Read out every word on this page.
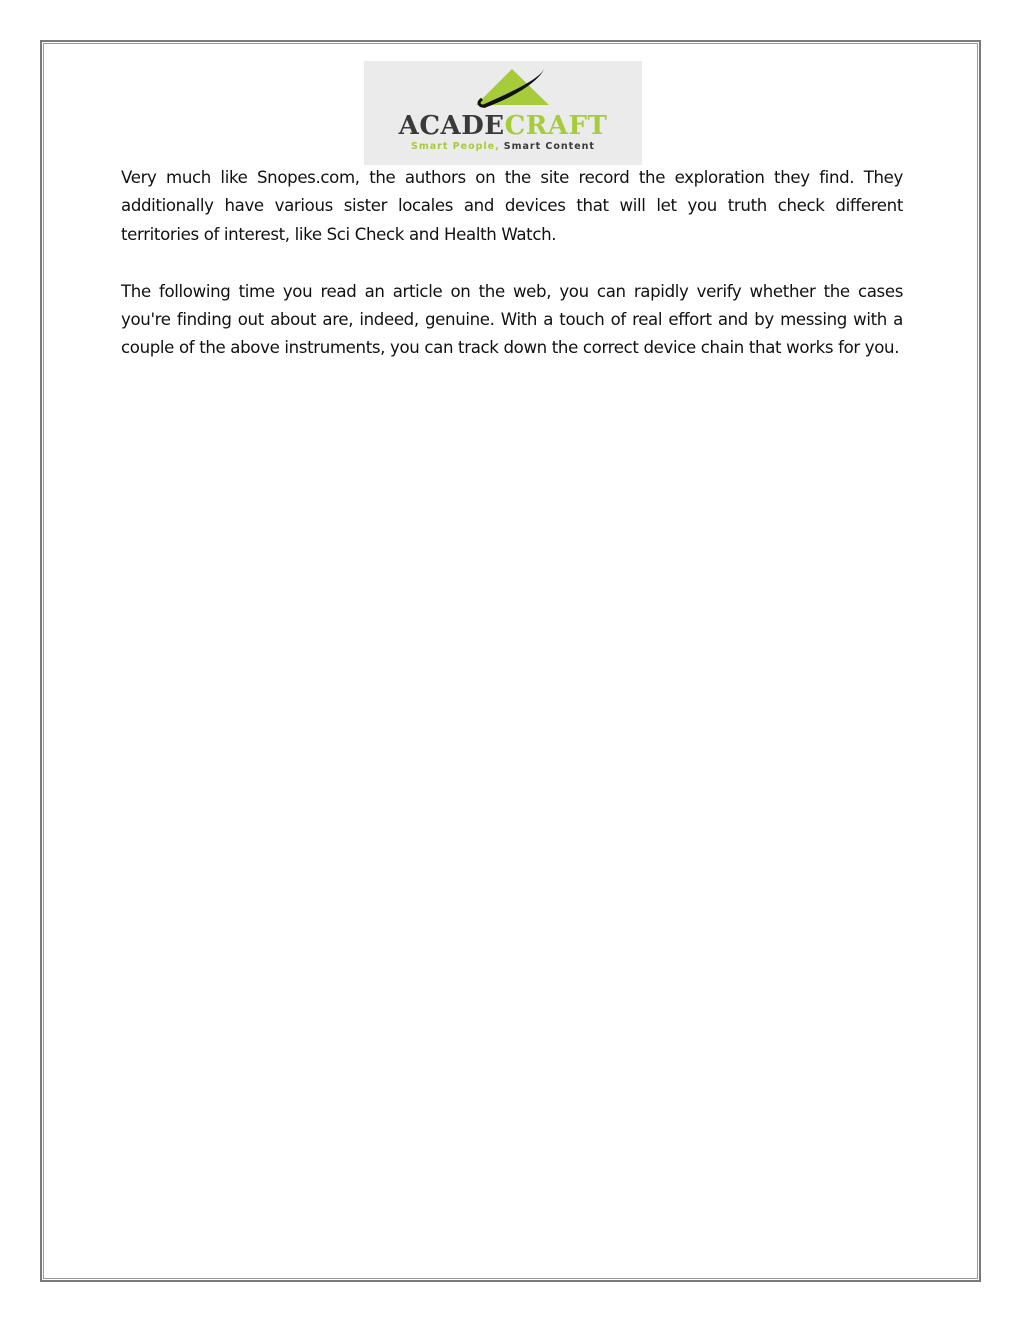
ACADECRAFT
Smart People, Smart Content

Very much like Snopes.com, the authors on the site record the exploration they find. They additionally have various sister locales and devices that will let you truth check different territories of interest, like Sci Check and Health Watch.

The following time you read an article on the web, you can rapidly verify whether the cases you're finding out about are, indeed, genuine. With a touch of real effort and by messing with a couple of the above instruments, you can track down the correct device chain that works for you.
